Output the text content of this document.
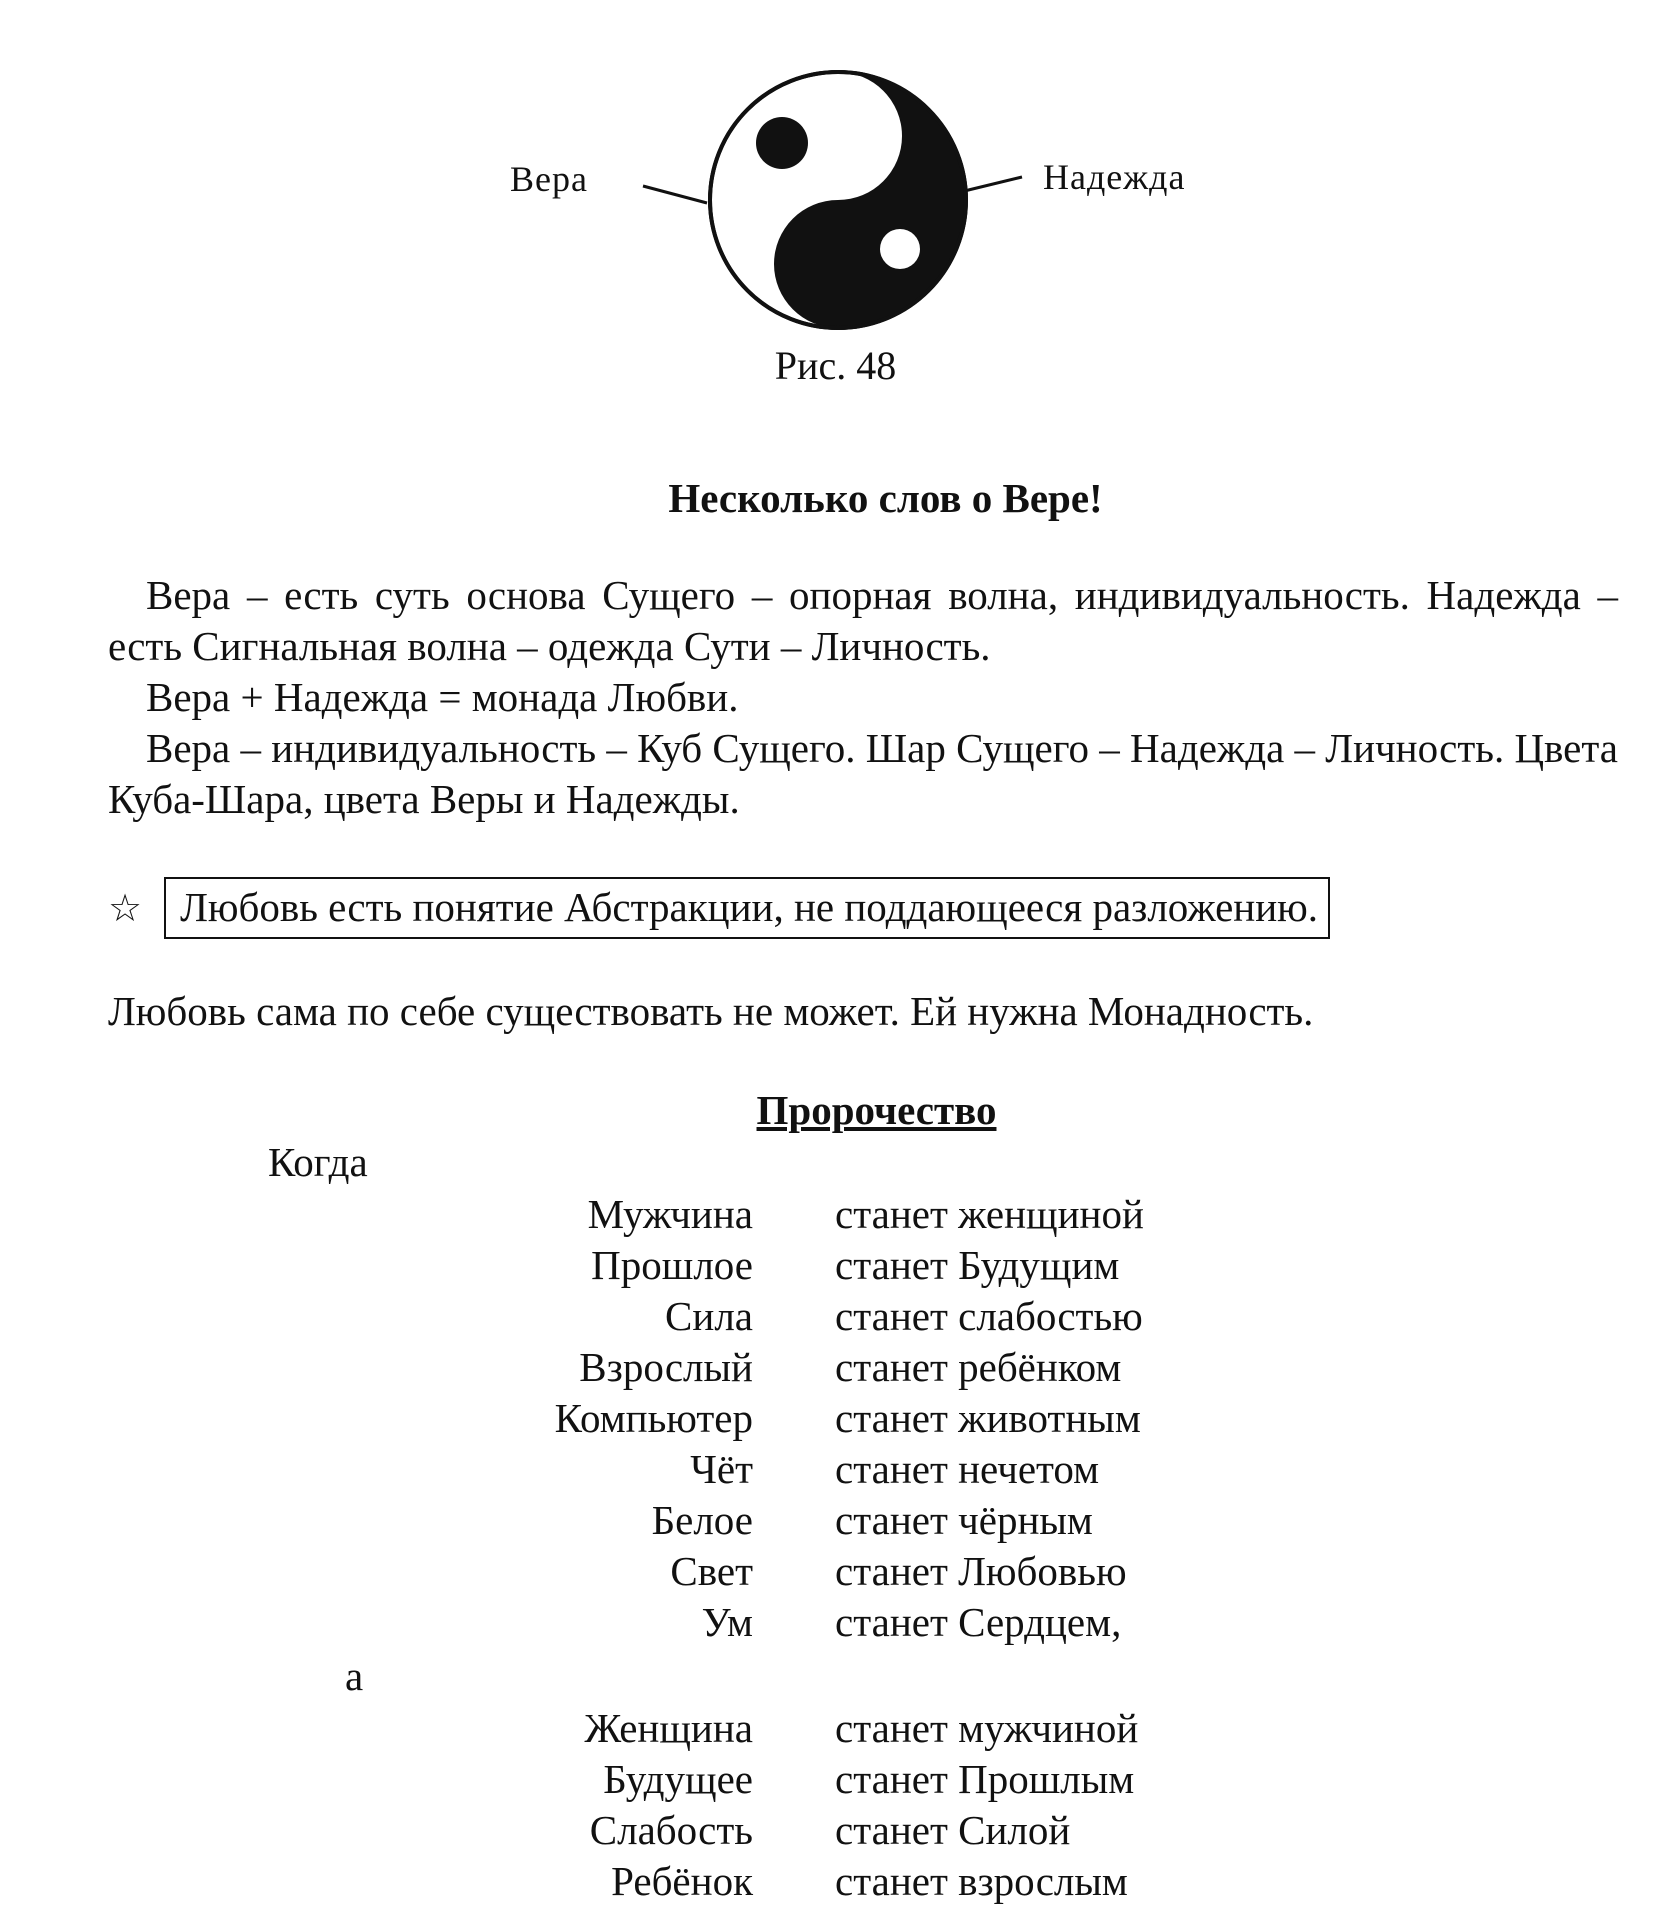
Вера	Надежда
Рис. 48
Несколько слов о Вере!

Вера – есть суть основа Сущего – опорная волна, индивидуальность. Надежда – есть Сигнальная волна – одежда Сути – Личность.

Вера + Надежда = монада Любви.

Вера – индивидуальность – Куб Сущего. Шар Сущего – Надежда – Личность. Цвета Куба-Шара, цвета Веры и Надежды.

☆ Любовь есть понятие Абстракции, не поддающееся разложению.
Любовь сама по себе существовать не может. Ей нужна Монадность.
Пророчество
Когда
Мужчина станет женщиной
Прошлое станет Будущим
Сила станет слабостью
Взрослый станет ребёнком
Компьютер станет животным
Чёт станет нечетом
Белое станет чёрным
Свет станет Любовью
Ум станет Сердцем,
а
Женщина станет мужчиной
Будущее станет Прошлым
Слабость станет Силой
Ребёнок станет взрослым
